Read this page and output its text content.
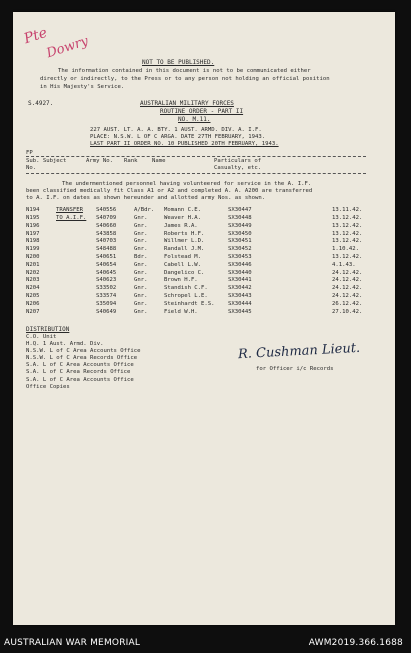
Pte
Dowry
NOT TO BE PUBLISHED.
The information contained in this document is not to be communicated either
directly or indirectly, to the Press or to any person not holding an official position
in His Majesty's Service.
S.4927.	AUSTRALIAN MILITARY FORCES
ROUTINE ORDER - PART II
NO. M.11.
227 AUST. LT. A. A. BTY. 1 AUST. ARMD. DIV. A. I.F.
PLACE: N.S.W. L OF C ARGA. DATE 27TH FEBRUARY, 1943.
LAST PART II ORDER NO. 10 PUBLISHED 20TH FEBRUARY, 1943.
FP
Sub. Subject
No.
Army No. Rank	Name	Particulars of
Casualty, etc.
The undermentioned personnel having volunteered for service in the A. I.F.
been classified medically fit Class A1 or A2 and completed A. A. A200 are transferred
to A. I.F. on dates as shown hereunder and allotted army Nos. as shown.
N194	TRANSFER	S40556	A/Bdr.	Momann C.E.	SX30447	13.11.42.
N195	TO A.I.F.	S40709	Gnr.	Weaver H.A.	SX30448	13.12.42.
N196		S40660	Gnr.	James R.A.	SX30449	13.12.42.
N197		S43858	Gnr.	Roberts H.F.	SX30450	13.12.42.
N198		S40703	Gnr.	Willmer L.D.	SX30451	13.12.42.
N199		S48488	Gnr.	Randall J.M.	SX30452	1.10.42.
N200		S40651	Bdr.	Folstead M.	SX30453	13.12.42.
N201		S40654	Gnr.	Cabell L.W.	SX30446	4.1.43.
N202		S40645	Gnr.	Dangelico C.	SX30440	24.12.42.
N203		S40623	Gnr.	Brown H.F.	SX30441	24.12.42.
N204		S33502	Gnr.	Standish C.F.	SX30442	24.12.42.
N205		S33574	Gnr.	Schropel L.E.	SX30443	24.12.42.
N206		S35094	Gnr.	Steinhardt E.S.	SX30444	26.12.42.
N207		S40649	Gnr.	Field W.H.	SX30445	27.10.42.
DISTRIBUTION
C.O. Unit
H.Q. 1 Aust. Armd. Div.
N.S.W. L of C Area Accounts Office
N.S.W. L of C Area Records Office
S.A. L of C Area Accounts Office
S.A. L of C Area Records Office
S.A. L of C Area Accounts Office
Office Copies
R. Cushman Lieut.
for Officer i/c Records
AUSTRALIAN WAR MEMORIAL	AWM2019.366.1688
